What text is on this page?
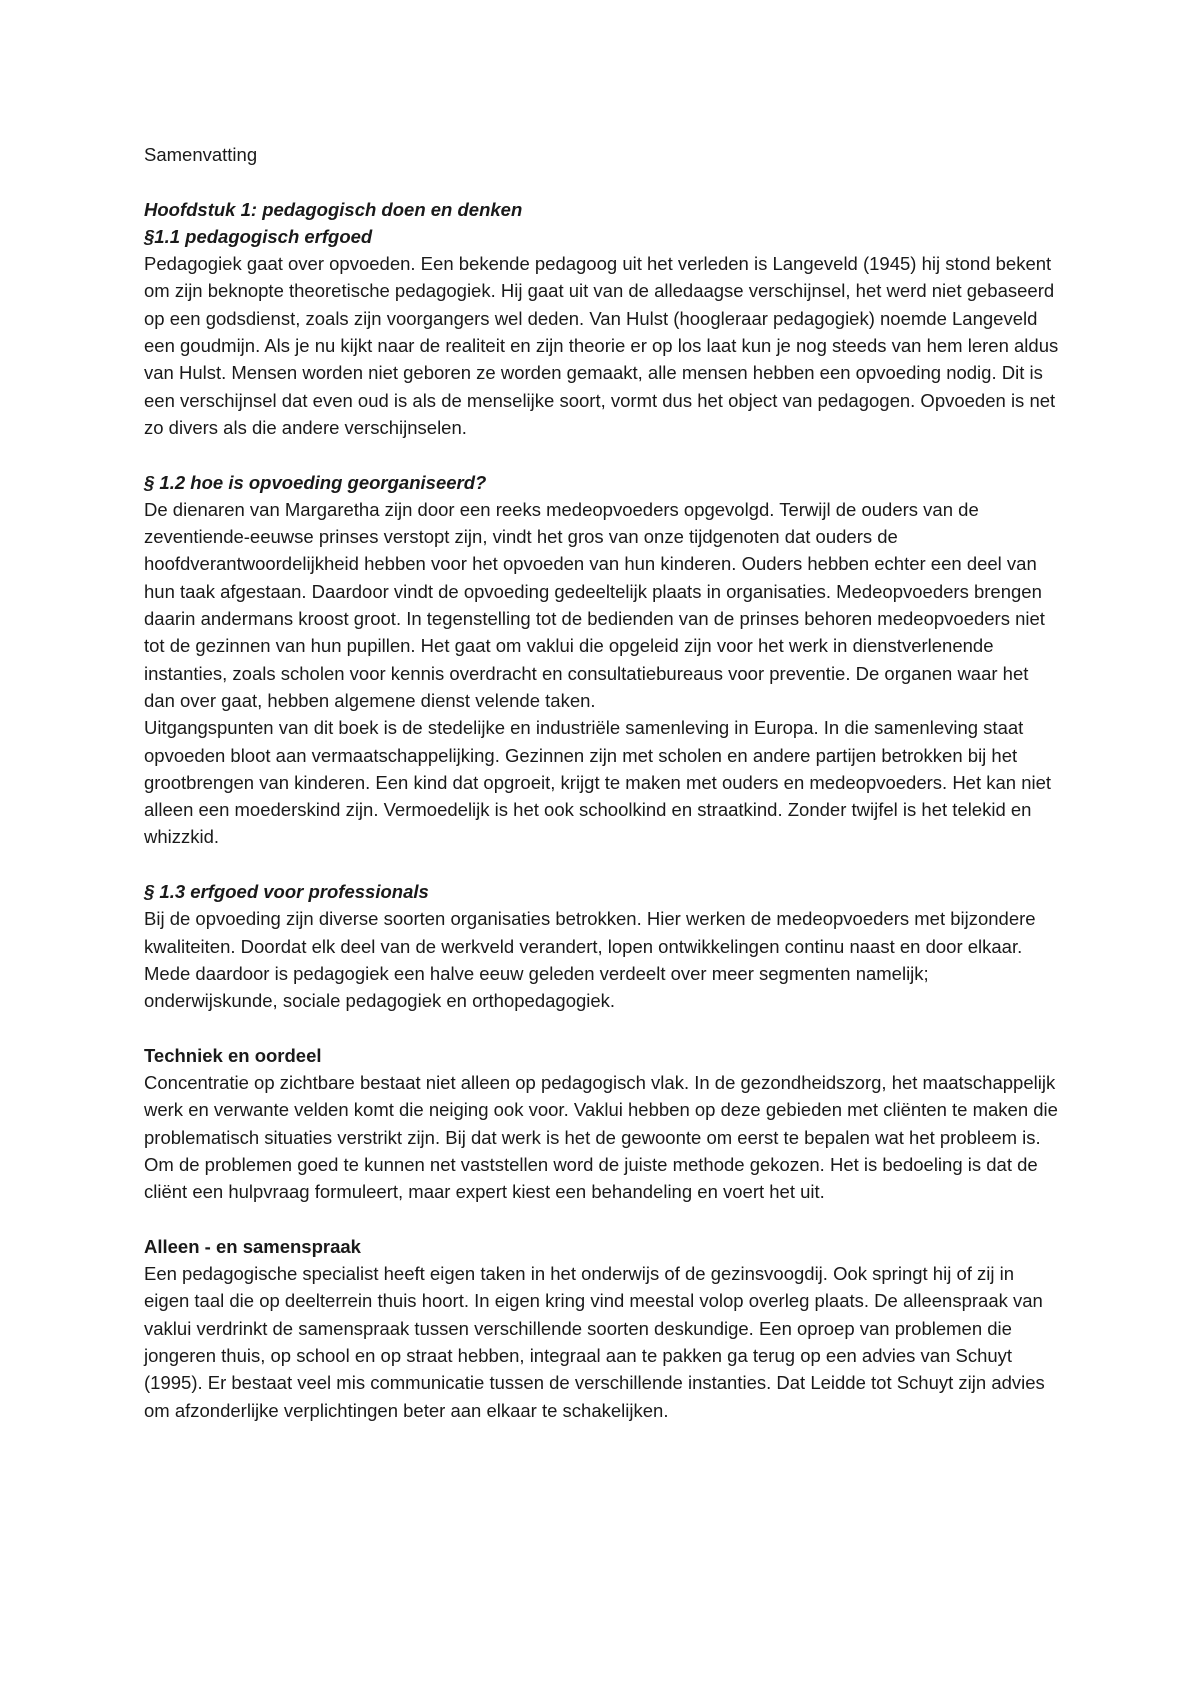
Samenvatting

Hoofdstuk 1: pedagogisch doen en denken

§1.1 pedagogisch erfgoed

Pedagogiek gaat over opvoeden. Een bekende pedagoog uit het verleden is Langeveld (1945) hij stond bekent om zijn beknopte theoretische pedagogiek. Hij gaat uit van de alledaagse verschijnsel, het werd niet gebaseerd op een godsdienst, zoals zijn voorgangers wel deden. Van Hulst (hoogleraar pedagogiek) noemde Langeveld een goudmijn. Als je nu kijkt naar de realiteit en zijn theorie er op los laat kun je nog steeds van hem leren aldus van Hulst. Mensen worden niet geboren ze worden gemaakt, alle mensen hebben een opvoeding nodig. Dit is een verschijnsel dat even oud is als de menselijke soort, vormt dus het object van pedagogen. Opvoeden is net zo divers als die andere verschijnselen.

§ 1.2 hoe is opvoeding georganiseerd?

De dienaren van Margaretha zijn door een reeks medeopvoeders opgevolgd. Terwijl de ouders van de zeventiende-eeuwse prinses verstopt zijn, vindt het gros van onze tijdgenoten dat ouders de hoofdverantwoordelijkheid hebben voor het opvoeden van hun kinderen. Ouders hebben echter een deel van hun taak afgestaan. Daardoor vindt de opvoeding gedeeltelijk plaats in organisaties. Medeopvoeders brengen daarin andermans kroost groot. In tegenstelling tot de bedienden van de prinses behoren medeopvoeders niet tot de gezinnen van hun pupillen. Het gaat om vaklui die opgeleid zijn voor het werk in dienstverlenende instanties, zoals scholen voor kennis overdracht en consultatiebureaus voor preventie. De organen waar het dan over gaat, hebben algemene dienst velende taken.

Uitgangspunten van dit boek is de stedelijke en industriële samenleving in Europa. In die samenleving staat opvoeden bloot aan vermaatschappelijking. Gezinnen zijn met scholen en andere partijen betrokken bij het grootbrengen van kinderen. Een kind dat opgroeit, krijgt te maken met ouders en medeopvoeders. Het kan niet alleen een moederskind zijn. Vermoedelijk is het ook schoolkind en straatkind. Zonder twijfel is het telekid en whizzkid.

§ 1.3 erfgoed voor professionals

Bij de opvoeding zijn diverse soorten organisaties betrokken. Hier werken de medeopvoeders met bijzondere kwaliteiten. Doordat elk deel van de werkveld verandert, lopen ontwikkelingen continu naast en door elkaar. Mede daardoor is pedagogiek een halve eeuw geleden verdeelt over meer segmenten namelijk; onderwijskunde, sociale pedagogiek en orthopedagogiek.

Techniek en oordeel

Concentratie op zichtbare bestaat niet alleen op pedagogisch vlak. In de gezondheidszorg, het maatschappelijk werk en verwante velden komt die neiging ook voor. Vaklui hebben op deze gebieden met cliënten te maken die problematisch situaties verstrikt zijn. Bij dat werk is het de gewoonte om eerst te bepalen wat het probleem is. Om de problemen goed te kunnen net vaststellen word de juiste methode gekozen. Het is bedoeling is dat de cliënt een hulpvraag formuleert, maar expert kiest een behandeling en voert het uit.

Alleen - en samenspraak

Een pedagogische specialist heeft eigen taken in het onderwijs of de gezinsvoogdij. Ook springt hij of zij in eigen taal die op deelterrein thuis hoort. In eigen kring vind meestal volop overleg plaats. De alleenspraak van vaklui verdrinkt de samenspraak tussen verschillende soorten deskundige. Een oproep van problemen die jongeren thuis, op school en op straat hebben, integraal aan te pakken ga terug op een advies van Schuyt (1995). Er bestaat veel mis communicatie tussen de verschillende instanties. Dat Leidde tot Schuyt zijn advies om afzonderlijke verplichtingen beter aan elkaar te schakelijken.
